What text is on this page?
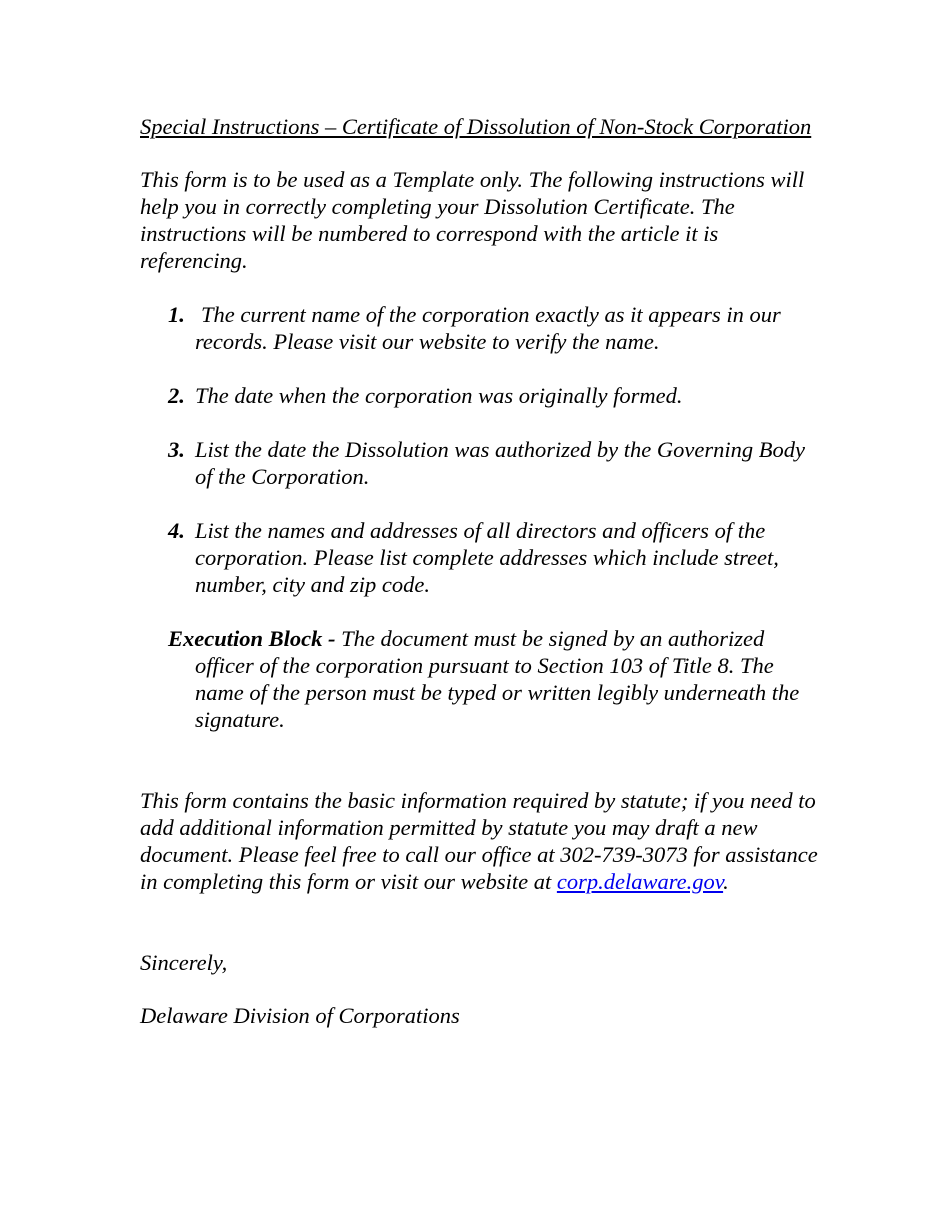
Special Instructions – Certificate of Dissolution of Non-Stock Corporation

This form is to be used as a Template only. The following instructions will help you in correctly completing your Dissolution Certificate. The instructions will be numbered to correspond with the article it is referencing.

1. The current name of the corporation exactly as it appears in our records. Please visit our website to verify the name.
2. The date when the corporation was originally formed.
3. List the date the Dissolution was authorized by the Governing Body of the Corporation.
4. List the names and addresses of all directors and officers of the corporation. Please list complete addresses which include street, number, city and zip code.

Execution Block - The document must be signed by an authorized officer of the corporation pursuant to Section 103 of Title 8. The name of the person must be typed or written legibly underneath the signature.

This form contains the basic information required by statute; if you need to add additional information permitted by statute you may draft a new document. Please feel free to call our office at 302-739-3073 for assistance in completing this form or visit our website at corp.delaware.gov.

Sincerely,

Delaware Division of Corporations
